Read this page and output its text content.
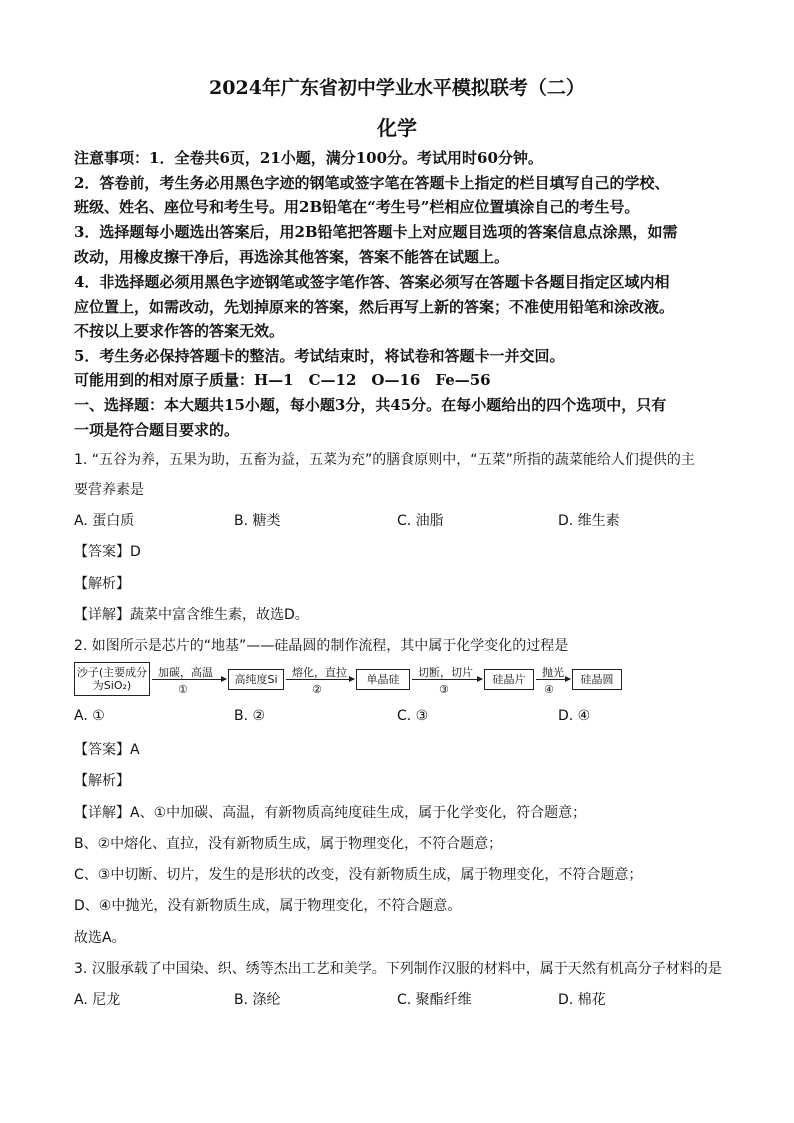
2024年广东省初中学业水平模拟联考（二）
化学
注意事项：1．全卷共6页，21小题，满分100分。考试用时60分钟。
2．答卷前，考生务必用黑色字迹的钢笔或签字笔在答题卡上指定的栏目填写自己的学校、
班级、姓名、座位号和考生号。用2B铅笔在“考生号”栏相应位置填涂自己的考生号。
3．选择题每小题选出答案后，用2B铅笔把答题卡上对应题目选项的答案信息点涂黑，如需
改动，用橡皮擦干净后，再选涂其他答案，答案不能答在试题上。
4．非选择题必须用黑色字迹钢笔或签字笔作答、答案必须写在答题卡各题目指定区域内相
应位置上，如需改动，先划掉原来的答案，然后再写上新的答案；不准使用铅笔和涂改液。
不按以上要求作答的答案无效。
5．考生务必保持答题卡的整洁。考试结束时，将试卷和答题卡一并交回。
可能用到的相对原子质量：H—1　C—12　O—16　Fe—56
一、选择题：本大题共15小题，每小题3分，共45分。在每小题给出的四个选项中，只有
一项是符合题目要求的。
1. “五谷为养，五果为助，五畜为益，五菜为充”的膳食原则中，“五菜”所指的蔬菜能给人们提供的主
要营养素是
A. 蛋白质	B. 糖类	C. 油脂	D. 维生素
【答案】D
【解析】
【详解】蔬菜中富含维生素，故选D。
2. 如图所示是芯片的“地基”——硅晶圆的制作流程，其中属于化学变化的过程是
沙子(主要成分为SiO₂)
加碳，高温
①
高纯度Si
熔化，直拉
②
单晶硅
切断，切片
③
硅晶片
抛光
④
硅晶圆
A. ①	B. ②	C. ③	D. ④
【答案】A
【解析】
【详解】A、①中加碳、高温，有新物质高纯度硅生成，属于化学变化，符合题意；
B、②中熔化、直拉，没有新物质生成，属于物理变化，不符合题意；
C、③中切断、切片，发生的是形状的改变，没有新物质生成，属于物理变化，不符合题意；
D、④中抛光，没有新物质生成，属于物理变化，不符合题意。
故选A。
3. 汉服承载了中国染、织、绣等杰出工艺和美学。下列制作汉服的材料中，属于天然有机高分子材料的是
A. 尼龙	B. 涤纶	C. 聚酯纤维	D. 棉花
